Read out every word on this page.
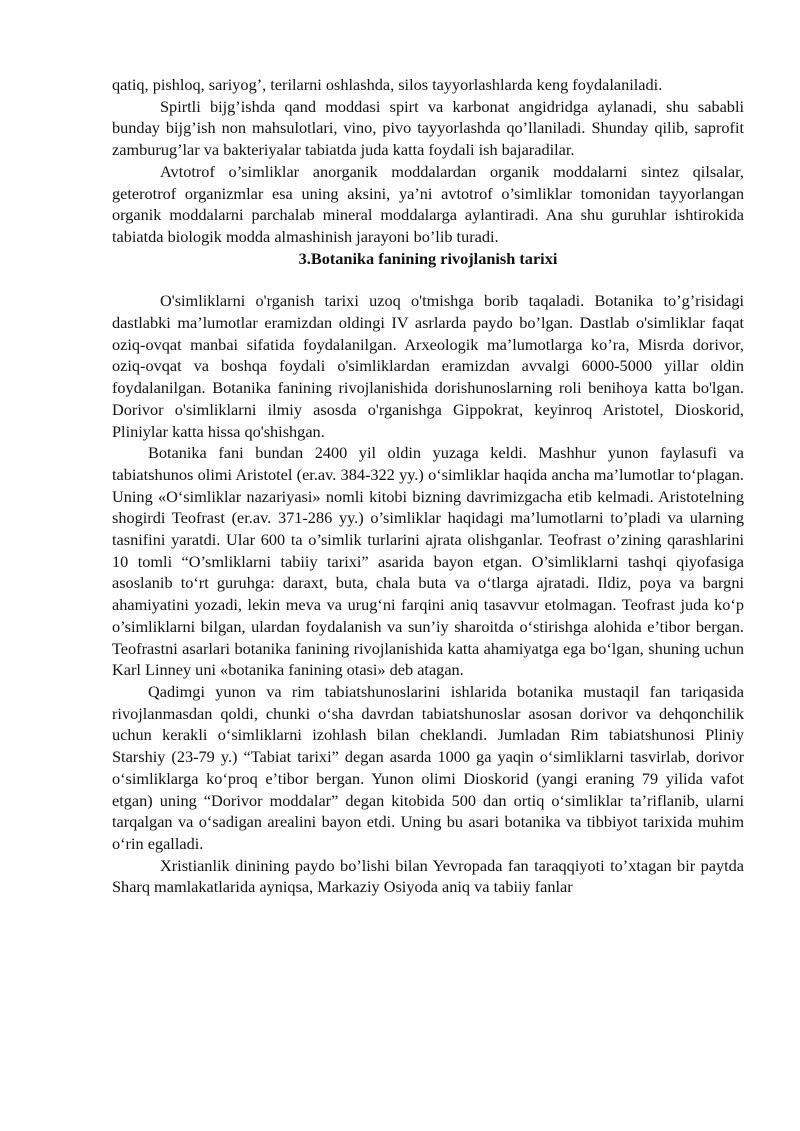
qatiq, pishloq, sariyog’, terilarni oshlashda, silos tayyorlashlarda keng foydalaniladi.

Spirtli bijg’ishda qand moddasi spirt va karbonat angidridga aylanadi, shu sababli bunday bijg’ish non mahsulotlari, vino, pivo tayyorlashda qo’llaniladi. Shunday qilib, saprofit zamburug’lar va bakteriyalar tabiatda juda katta foydali ish bajaradilar.

Avtotrof o’simliklar anorganik moddalardan organik moddalarni sintez qilsalar, geterotrof organizmlar esa uning aksini, ya’ni avtotrof o’simliklar tomonidan tayyorlangan organik moddalarni parchalab mineral moddalarga aylantiradi. Ana shu guruhlar ishtirokida tabiatda biologik modda almashinish jarayoni bo’lib turadi.

3.Botanika fanining rivojlanish tarixi

O'simliklarni o'rganish tarixi uzoq o'tmishga borib taqaladi. Botanika to’g’risidagi dastlabki ma’lumotlar eramizdan oldingi IV asrlarda paydo bo’lgan. Dastlab o'simliklar faqat oziq-ovqat manbai sifatida foydalanilgan. Arxeologik ma’lumotlarga ko’ra, Misrda dorivor, oziq-ovqat va boshqa foydali o'simliklardan eramizdan avvalgi 6000-5000 yillar oldin foydalanilgan. Botanika fanining rivojlanishida dorishunoslarning roli benihoya katta bo'lgan. Dorivor o'simliklarni ilmiy asosda o'rganishga Gippokrat, keyinroq Aristotel, Dioskorid, Pliniylar katta hissa qo'shishgan.

Botanika fani bundan 2400 yil oldin yuzaga keldi. Mashhur yunon faylasufi va tabiatshunos olimi Aristotel (er.av. 384-322 yy.) o‘simliklar haqida ancha ma’lumotlar to‘plagan. Uning «O‘simliklar nazariyasi» nomli kitobi bizning davrimizgacha etib kelmadi. Aristotelning shogirdi Teofrast (er.av. 371-286 yy.) o’simliklar haqidagi ma’lumotlarni to’pladi va ularning tasnifini yaratdi. Ular 600 ta o’simlik turlarini ajrata olishganlar. Teofrast o’zining qarashlarini 10 tomli “O’smliklarni tabiiy tarixi” asarida bayon etgan. O’simliklarni tashqi qiyofasiga asoslanib to‘rt guruhga: daraxt, buta, chala buta va o‘tlarga ajratadi. Ildiz, poya va bargni ahamiyatini yozadi, lekin meva va urug‘ni farqini aniq tasavvur etolmagan. Teofrast juda ko‘p o’simliklarni bilgan, ulardan foydalanish va sun’iy sharoitda o‘stirishga alohida e’tibor bergan. Teofrastni asarlari botanika fanining rivojlanishida katta ahamiyatga ega bo‘lgan, shuning uchun Karl Linney uni «botanika fanining otasi» deb atagan.

Qadimgi yunon va rim tabiatshunoslarini ishlarida botanika mustaqil fan tariqasida rivojlanmasdan qoldi, chunki o‘sha davrdan tabiatshunoslar asosan dorivor va dehqonchilik uchun kerakli o‘simliklarni izohlash bilan cheklandi. Jumladan Rim tabiatshunosi Pliniy Starshiy (23-79 y.) “Tabiat tarixi” degan asarda 1000 ga yaqin o‘simliklarni tasvirlab, dorivor o‘simliklarga ko‘proq e’tibor bergan. Yunon olimi Dioskorid (yangi eraning 79 yilida vafot etgan) uning “Dorivor moddalar” degan kitobida 500 dan ortiq o‘simliklar ta’riflanib, ularni tarqalgan va o‘sadigan arealini bayon etdi. Uning bu asari botanika va tibbiyot tarixida muhim o‘rin egalladi.

Xristianlik dinining paydo bo’lishi bilan Yevropada fan taraqqiyoti to’xtagan bir paytda Sharq mamlakatlarida ayniqsa, Markaziy Osiyoda aniq va tabiiy fanlar
